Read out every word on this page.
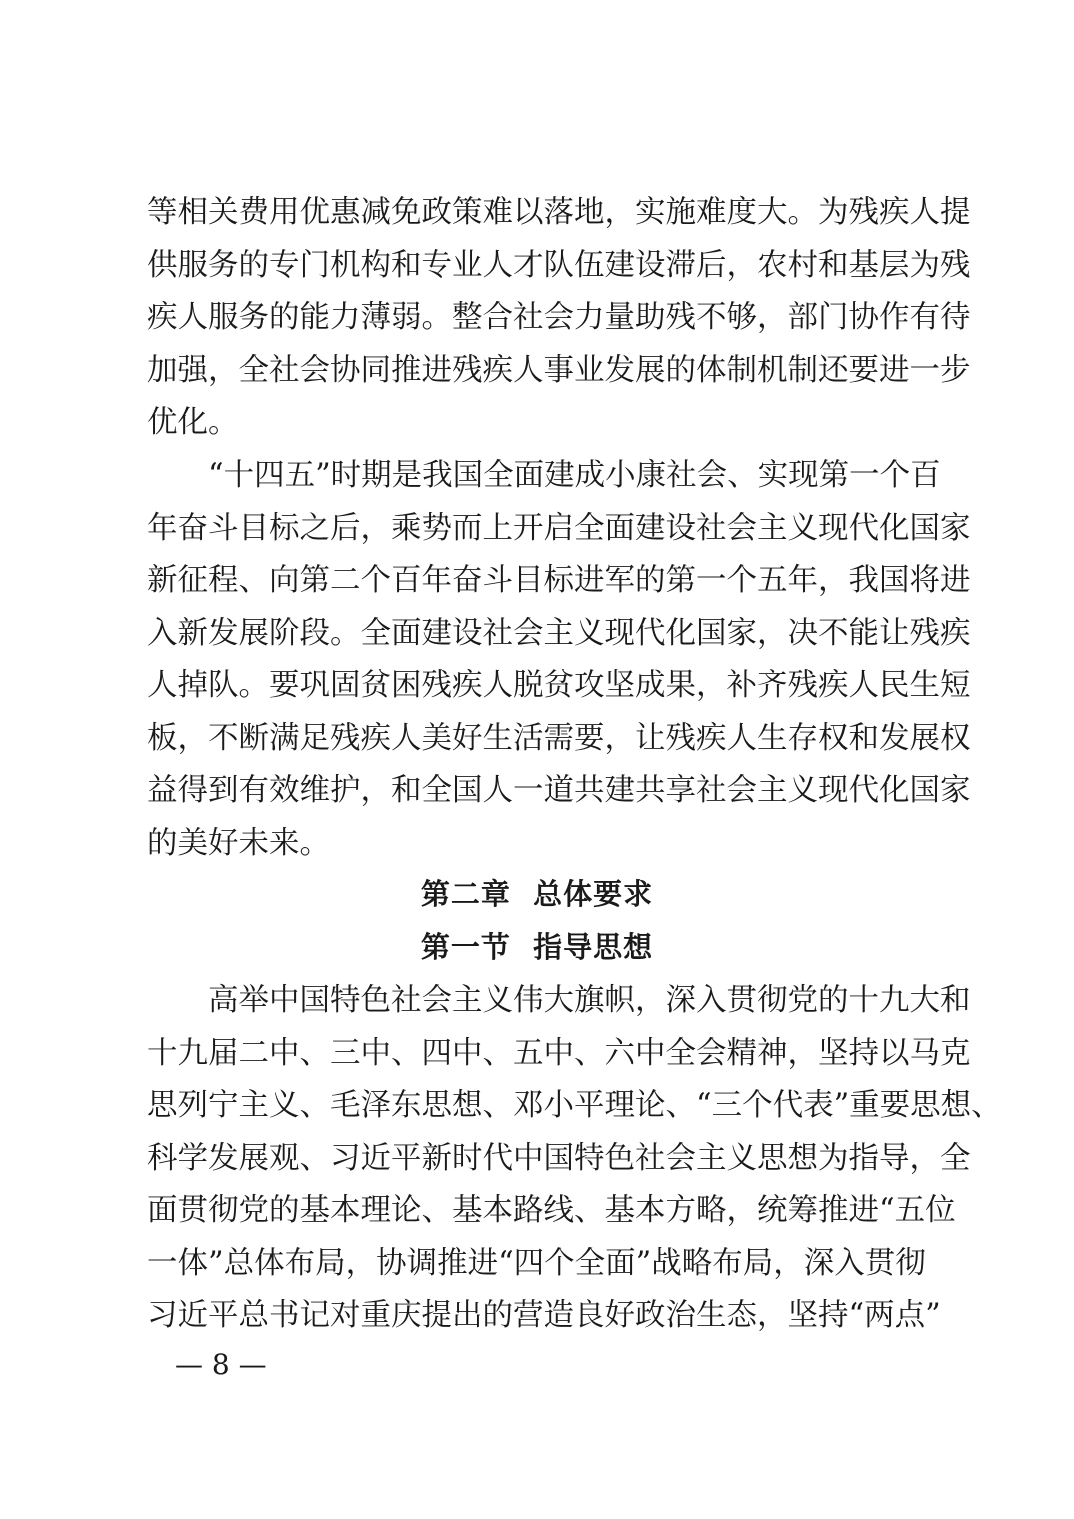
等相关费用优惠减免政策难以落地，实施难度大。为残疾人提
供服务的专门机构和专业人才队伍建设滞后，农村和基层为残
疾人服务的能力薄弱。整合社会力量助残不够，部门协作有待
加强，全社会协同推进残疾人事业发展的体制机制还要进一步
优化。
“十四五”时期是我国全面建成小康社会、实现第一个百
年奋斗目标之后，乘势而上开启全面建设社会主义现代化国家
新征程、向第二个百年奋斗目标进军的第一个五年，我国将进
入新发展阶段。全面建设社会主义现代化国家，决不能让残疾
人掉队。要巩固贫困残疾人脱贫攻坚成果，补齐残疾人民生短
板，不断满足残疾人美好生活需要，让残疾人生存权和发展权
益得到有效维护，和全国人一道共建共享社会主义现代化国家
的美好未来。
第二章  总体要求
第一节  指导思想
高举中国特色社会主义伟大旗帜，深入贯彻党的十九大和
十九届二中、三中、四中、五中、六中全会精神，坚持以马克
思列宁主义、毛泽东思想、邓小平理论、“三个代表”重要思想、
科学发展观、习近平新时代中国特色社会主义思想为指导，全
面贯彻党的基本理论、基本路线、基本方略，统筹推进“五位
一体”总体布局，协调推进“四个全面”战略布局，深入贯彻
习近平总书记对重庆提出的营造良好政治生态，坚持“两点”
— 8 —
